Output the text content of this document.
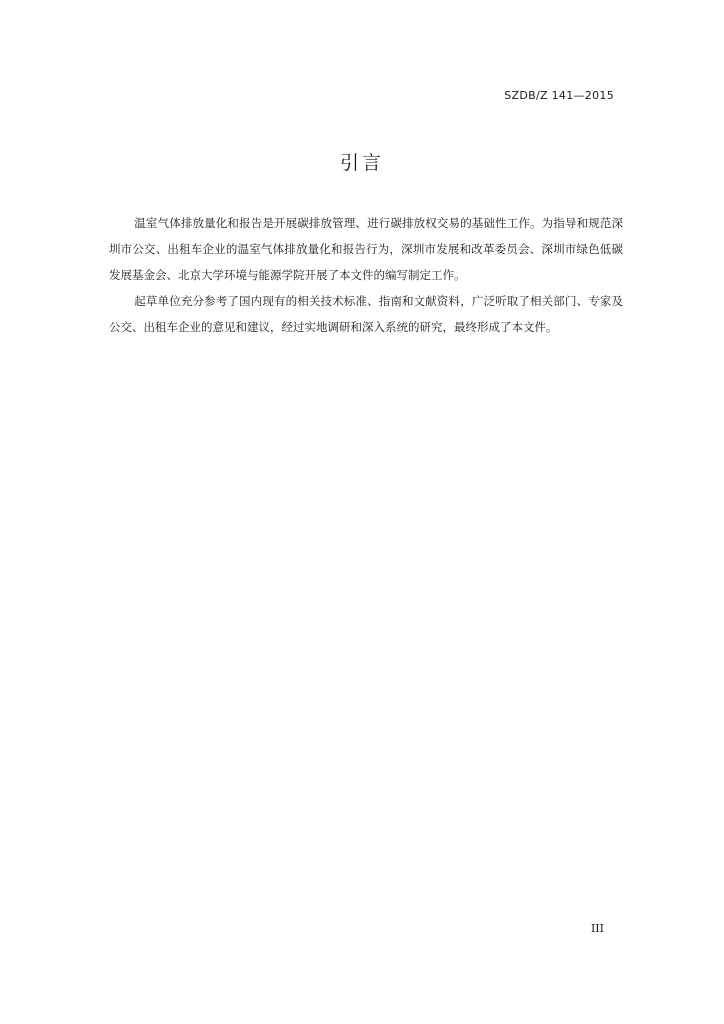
SZDB/Z 141—2015
引言

温室气体排放量化和报告是开展碳排放管理、进行碳排放权交易的基础性工作。为指导和规范深圳市公交、出租车企业的温室气体排放量化和报告行为，深圳市发展和改革委员会、深圳市绿色低碳发展基金会、北京大学环境与能源学院开展了本文件的编写制定工作。

起草单位充分参考了国内现有的相关技术标准、指南和文献资料，广泛听取了相关部门、专家及公交、出租车企业的意见和建议，经过实地调研和深入系统的研究，最终形成了本文件。

III
